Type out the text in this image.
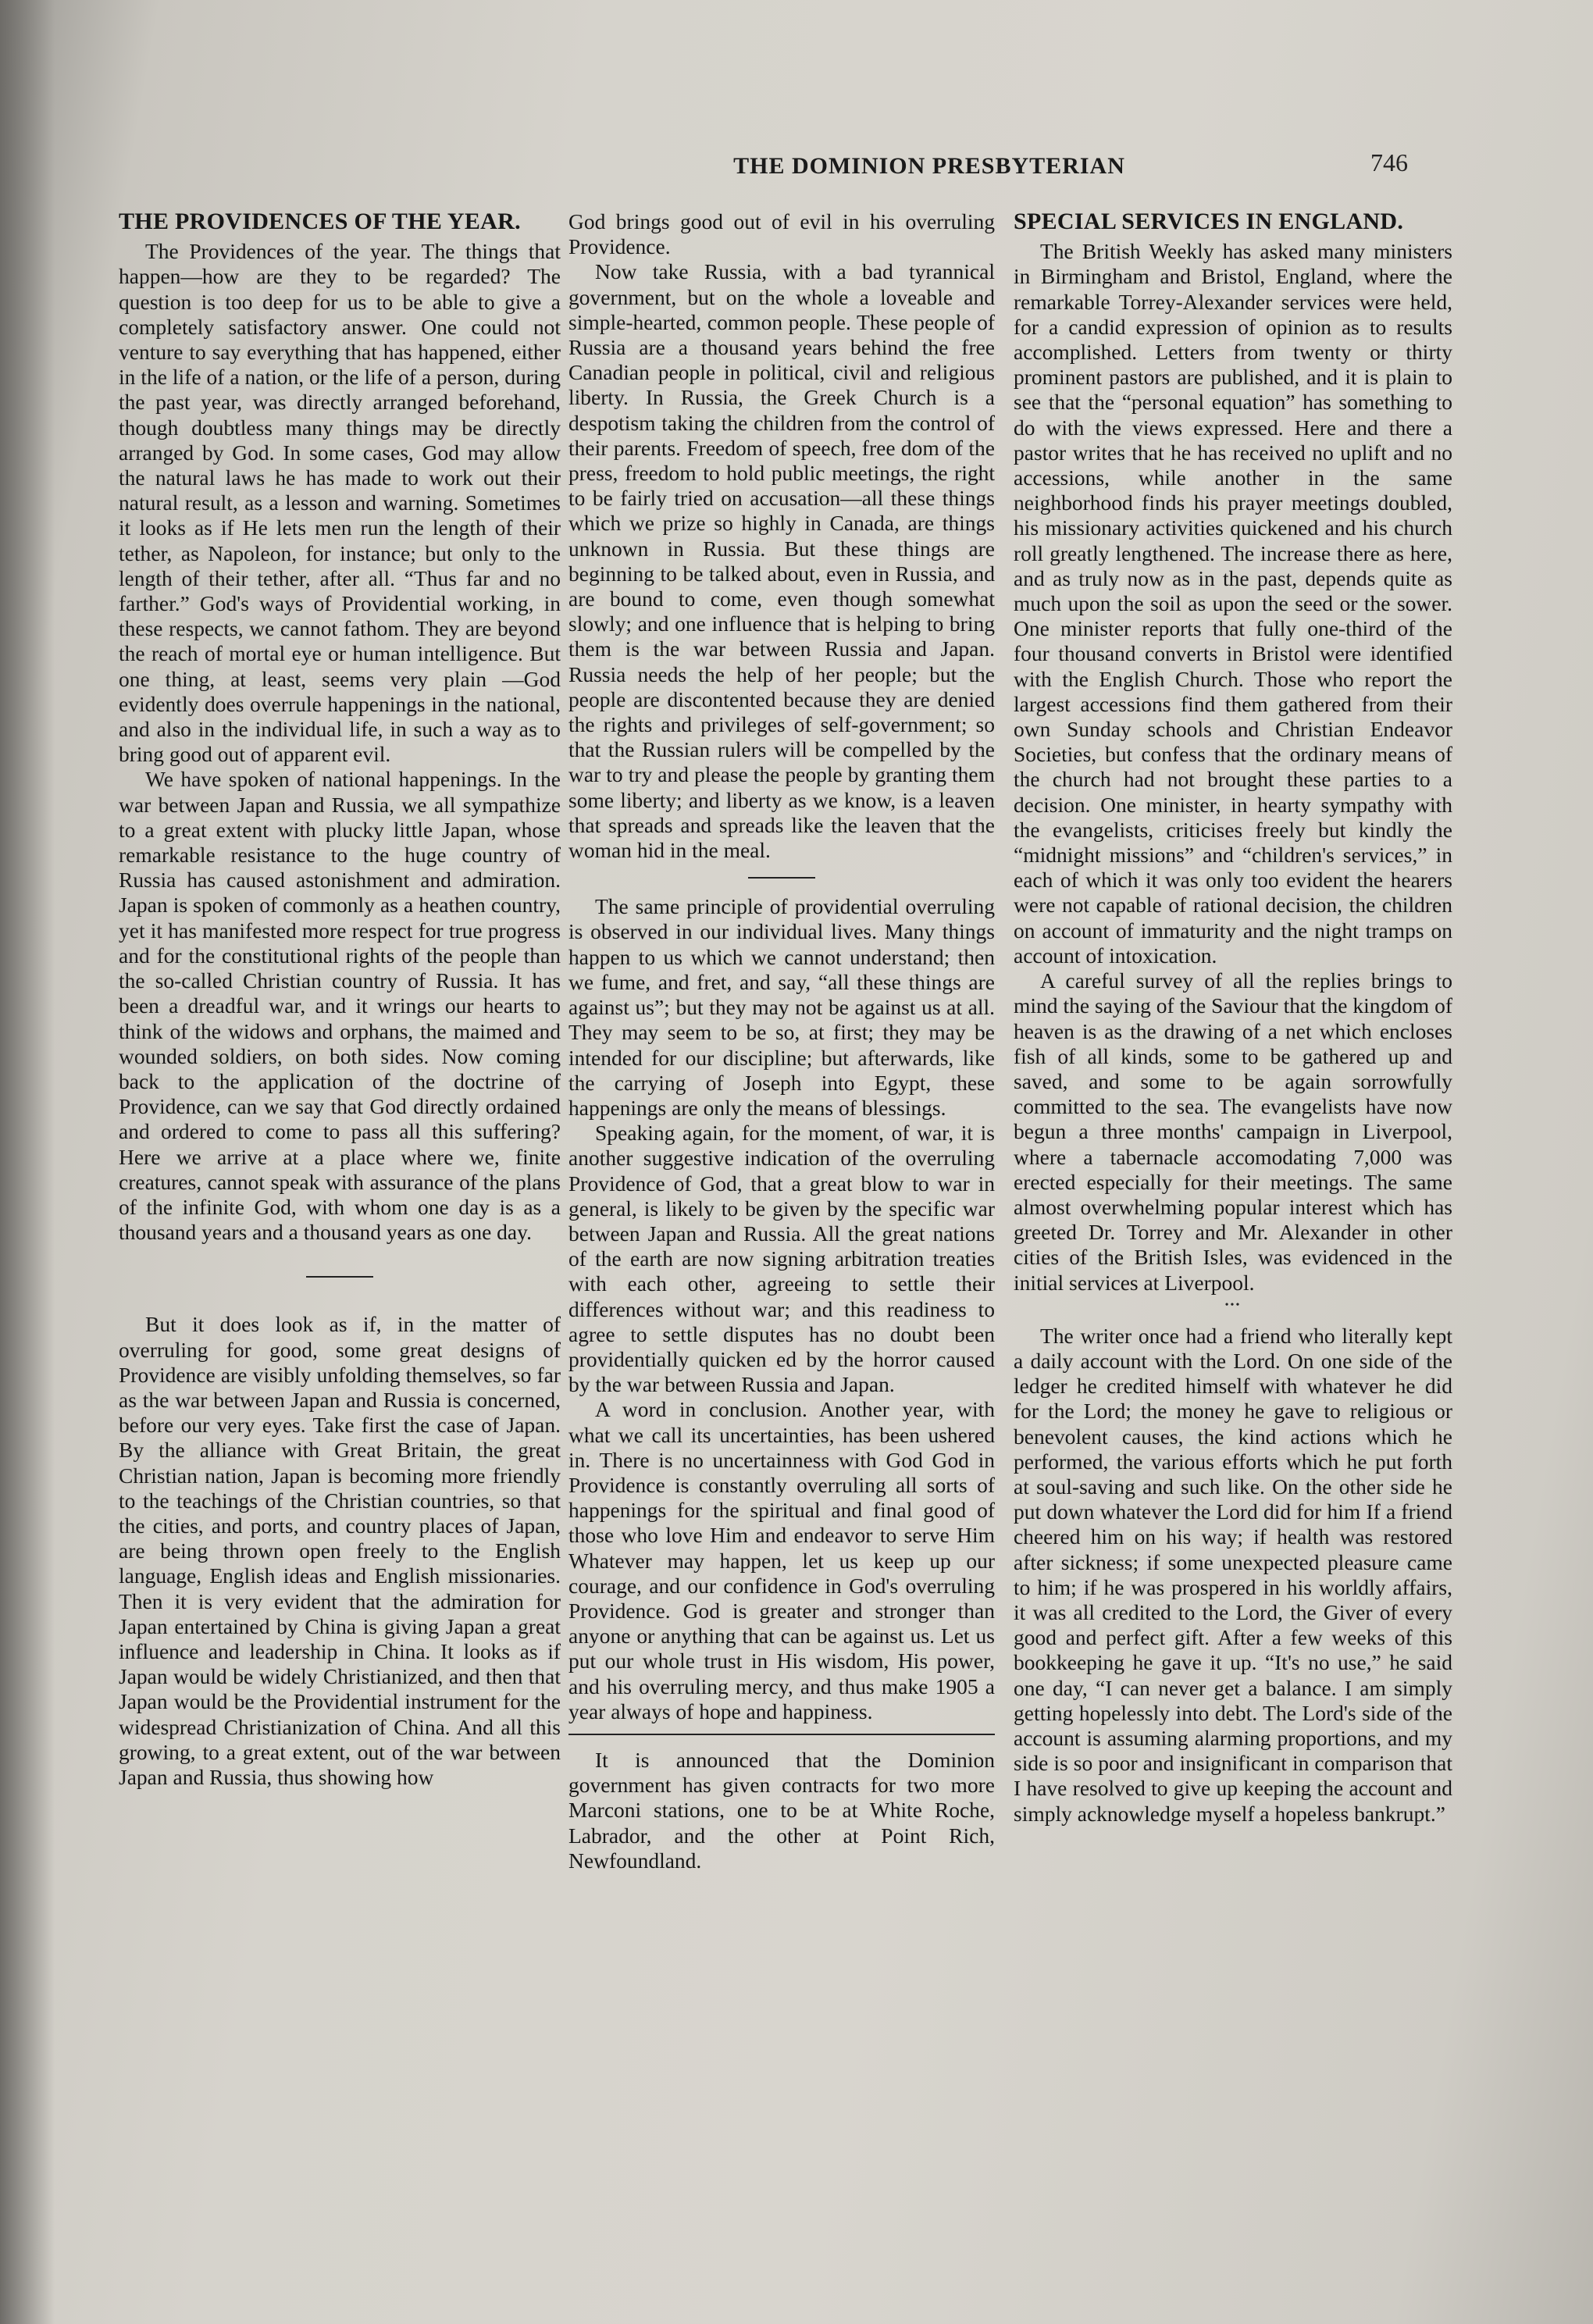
THE DOMINION PRESBYTERIAN	746
THE PROVIDENCES OF THE YEAR.

The Providences of the year. The things that happen—how are they to be regarded? The question is too deep for us to be able to give a completely satisfactory answer. One could not venture to say everything that has happened, either in the life of a nation, or the life of a person, during the past year, was directly arranged beforehand, though doubtless many things may be directly arranged by God. In some cases, God may allow the natural laws he has made to work out their natural result, as a lesson and warning. Sometimes it looks as if He lets men run the length of their tether, as Napoleon, for instance; but only to the length of their tether, after all. “Thus far and no farther.” God's ways of Providential working, in these respects, we cannot fathom. They are beyond the reach of mortal eye or human intelligence. But one thing, at least, seems very plain —God evidently does overrule happenings in the national, and also in the individual life, in such a way as to bring good out of apparent evil.

We have spoken of national happenings. In the war between Japan and Russia, we all sympathize to a great extent with plucky little Japan, whose remarkable resistance to the huge country of Russia has caused astonishment and admiration. Japan is spoken of commonly as a heathen country, yet it has manifested more respect for true progress and for the constitutional rights of the people than the so-called Christian country of Russia. It has been a dreadful war, and it wrings our hearts to think of the widows and orphans, the maimed and wounded soldiers, on both sides. Now coming back to the application of the doctrine of Providence, can we say that God directly ordained and ordered to come to pass all this suffering? Here we arrive at a place where we, finite creatures, cannot speak with assurance of the plans of the infinite God, with whom one day is as a thousand years and a thousand years as one day.

But it does look as if, in the matter of overruling for good, some great designs of Providence are visibly unfolding themselves, so far as the war between Japan and Russia is concerned, before our very eyes. Take first the case of Japan. By the alliance with Great Britain, the great Christian nation, Japan is becoming more friendly to the teachings of the Christian countries, so that the cities, and ports, and country places of Japan, are being thrown open freely to the English language, English ideas and English missionaries. Then it is very evident that the admiration for Japan entertained by China is giving Japan a great influence and leadership in China. It looks as if Japan would be widely Christianized, and then that Japan would be the Providential instrument for the widespread Christianization of China. And all this growing, to a great extent, out of the war between Japan and Russia, thus showing how

God brings good out of evil in his overruling Providence.

Now take Russia, with a bad tyrannical government, but on the whole a loveable and simple-hearted, common people. These people of Russia are a thousand years behind the free Canadian people in political, civil and religious liberty. In Russia, the Greek Church is a despotism taking the children from the control of their parents. Freedom of speech, free dom of the press, freedom to hold public meetings, the right to be fairly tried on accusation—all these things which we prize so highly in Canada, are things unknown in Russia. But these things are beginning to be talked about, even in Russia, and are bound to come, even though somewhat slowly; and one influence that is helping to bring them is the war between Russia and Japan. Russia needs the help of her people; but the people are discontented because they are denied the rights and privileges of self-government; so that the Russian rulers will be compelled by the war to try and please the people by granting them some liberty; and liberty as we know, is a leaven that spreads and spreads like the leaven that the woman hid in the meal.

The same principle of providential overruling is observed in our individual lives. Many things happen to us which we cannot understand; then we fume, and fret, and say, “all these things are against us”; but they may not be against us at all. They may seem to be so, at first; they may be intended for our discipline; but afterwards, like the carrying of Joseph into Egypt, these happenings are only the means of blessings.

Speaking again, for the moment, of war, it is another suggestive indication of the overruling Providence of God, that a great blow to war in general, is likely to be given by the specific war between Japan and Russia. All the great nations of the earth are now signing arbitration treaties with each other, agreeing to settle their differences without war; and this readiness to agree to settle disputes has no doubt been providentially quicken ed by the horror caused by the war between Russia and Japan.

A word in conclusion. Another year, with what we call its uncertainties, has been ushered in. There is no uncertainness with God God in Providence is constantly overruling all sorts of happenings for the spiritual and final good of those who love Him and endeavor to serve Him Whatever may happen, let us keep up our courage, and our confidence in God's overruling Providence. God is greater and stronger than anyone or anything that can be against us. Let us put our whole trust in His wisdom, His power, and his overruling mercy, and thus make 1905 a year always of hope and happiness.

It is announced that the Dominion government has given contracts for two more Marconi stations, one to be at White Roche, Labrador, and the other at Point Rich, Newfoundland.

SPECIAL SERVICES IN ENGLAND.

The British Weekly has asked many ministers in Birmingham and Bristol, England, where the remarkable Torrey-Alexander services were held, for a candid expression of opinion as to results accomplished. Letters from twenty or thirty prominent pastors are published, and it is plain to see that the “personal equation” has something to do with the views expressed. Here and there a pastor writes that he has received no uplift and no accessions, while another in the same neighborhood finds his prayer meetings doubled, his missionary activities quickened and his church roll greatly lengthened. The increase there as here, and as truly now as in the past, depends quite as much upon the soil as upon the seed or the sower. One minister reports that fully one-third of the four thousand converts in Bristol were identified with the English Church. Those who report the largest accessions find them gathered from their own Sunday schools and Christian Endeavor Societies, but confess that the ordinary means of the church had not brought these parties to a decision. One minister, in hearty sympathy with the evangelists, criticises freely but kindly the “midnight missions” and “children's services,” in each of which it was only too evident the hearers were not capable of rational decision, the children on account of immaturity and the night tramps on account of intoxication.

A careful survey of all the replies brings to mind the saying of the Saviour that the kingdom of heaven is as the drawing of a net which encloses fish of all kinds, some to be gathered up and saved, and some to be again sorrowfully committed to the sea. The evangelists have now begun a three months' campaign in Liverpool, where a tabernacle accomodating 7,000 was erected especially for their meetings. The same almost overwhelming popular interest which has greeted Dr. Torrey and Mr. Alexander in other cities of the British Isles, was evidenced in the initial services at Liverpool.

•••

The writer once had a friend who literally kept a daily account with the Lord. On one side of the ledger he credited himself with whatever he did for the Lord; the money he gave to religious or benevolent causes, the kind actions which he performed, the various efforts which he put forth at soul-saving and such like. On the other side he put down whatever the Lord did for him If a friend cheered him on his way; if health was restored after sickness; if some unexpected pleasure came to him; if he was prospered in his worldly affairs, it was all credited to the Lord, the Giver of every good and perfect gift. After a few weeks of this bookkeeping he gave it up. “It's no use,” he said one day, “I can never get a balance. I am simply getting hopelessly into debt. The Lord's side of the account is assuming alarming proportions, and my side is so poor and insignificant in comparison that I have resolved to give up keeping the account and simply acknowledge myself a hopeless bankrupt.”
